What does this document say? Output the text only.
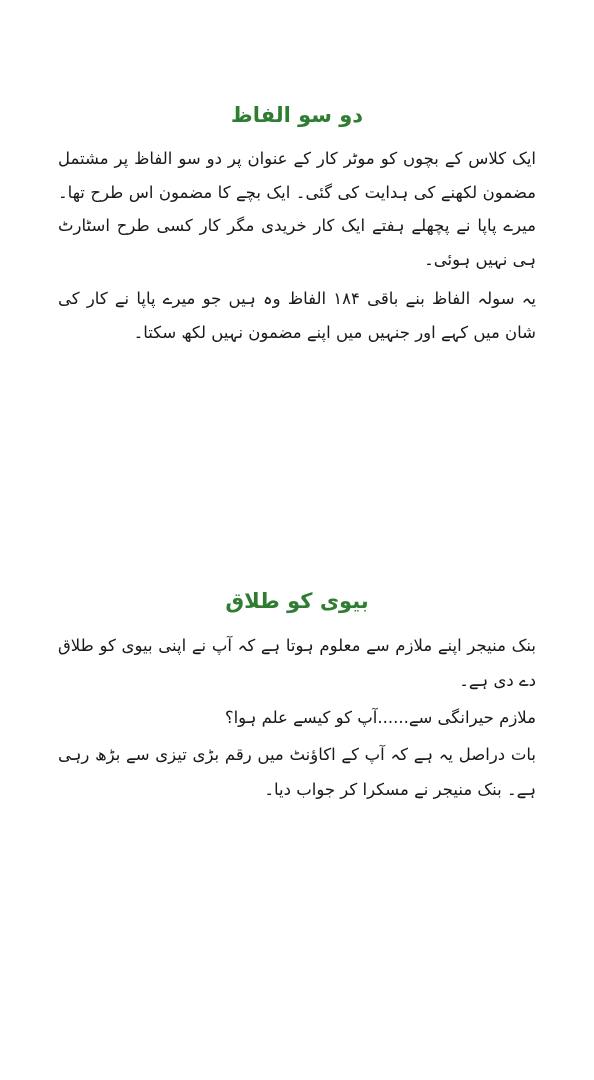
دو سو الفاظ

ایک کلاس کے بچوں کو موٹر کار کے عنوان پر دو سو الفاظ پر مشتمل مضمون لکھنے کی ہدایت کی گئی۔ ایک بچے کا مضمون اس طرح تھا۔ میرے پاپا نے پچھلے ہفتے ایک کار خریدی مگر کار کسی طرح اسٹارٹ ہی نہیں ہوئی۔

یہ سولہ الفاظ بنے باقی ۱۸۴ الفاظ وہ ہیں جو میرے پاپا نے کار کی شان میں کہے اور جنہیں میں اپنے مضمون نہیں لکھ سکتا۔

بیوی کو طلاق

بنک منیجر اپنے ملازم سے معلوم ہوتا ہے کہ آپ نے اپنی بیوی کو طلاق دے دی ہے۔

ملازم حیرانگی سے......آپ کو کیسے علم ہوا؟

بات دراصل یہ ہے کہ آپ کے اکاؤنٹ میں رقم بڑی تیزی سے بڑھ رہی ہے۔ بنک منیجر نے مسکرا کر جواب دیا۔
